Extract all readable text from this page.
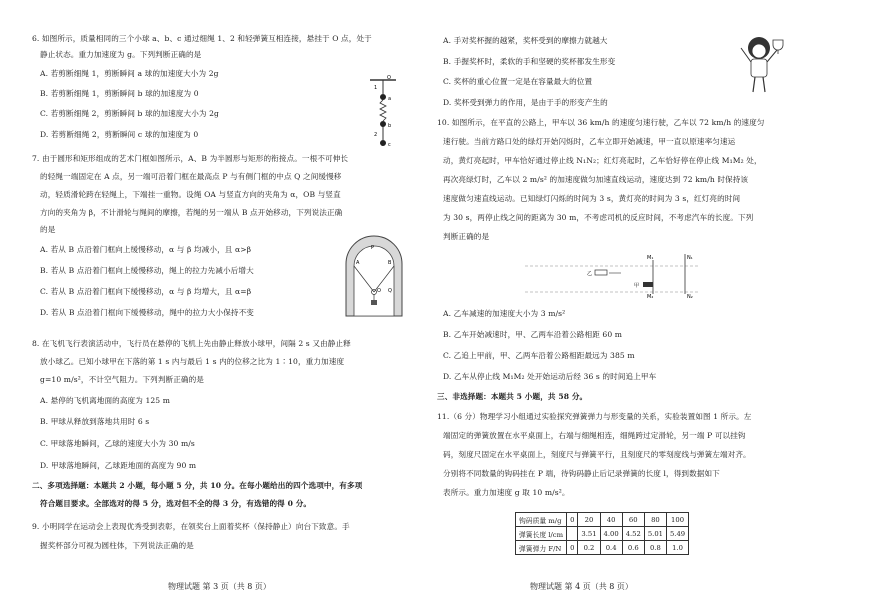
6. 如图所示，质量相同的三个小球 a、b、c 通过细绳 1、2 和轻弹簧互相连接，悬挂于 O 点，处于
静止状态。重力加速度为 g。下列判断正确的是
A. 若剪断细绳 1，剪断瞬间 a 球的加速度大小为 2g
B. 若剪断细绳 1，剪断瞬间 b 球的加速度为 0
C. 若剪断细绳 2，剪断瞬间 b 球的加速度大小为 2g
D. 若剪断细绳 2，剪断瞬间 c 球的加速度为 0
O
1
a
b
2
c
7. 由于圆形和矩形组成的艺术门框如图所示，A、B 为半圆形与矩形的衔接点。一根不可伸长
的轻绳一端固定在 A 点，另一端可沿着门框在最高点 P 与有侧门框的中点 Q 之间缓慢移
动，轻质滑轮跨在轻绳上，下端挂一重物。设绳 OA 与竖直方向的夹角为 α，OB 与竖直
方向的夹角为 β，不计滑轮与绳间的摩擦，若绳的另一端从 B 点开始移动，下列说法正确
的是
A. 若从 B 点沿着门框向上缓慢移动，α 与 β 均减小，且 α>β
B. 若从 B 点沿着门框向上缓慢移动，绳上的拉力先减小后增大
C. 若从 B 点沿着门框向下缓慢移动，α 与 β 均增大，且 α=β
D. 若从 B 点沿着门框向下缓慢移动，绳中的拉力大小保持不变
P
A
O
B
Q
8. 在飞机飞行表演活动中，飞行员在悬停的飞机上先由静止释放小球甲，间隔 2 s 又由静止释
放小球乙。已知小球甲在下落的第 1 s 内与最后 1 s 内的位移之比为 1∶10，重力加速度
g=10 m/s²，不计空气阻力。下列判断正确的是
A. 悬停的飞机离地面的高度为 125 m
B. 甲球从释放到落地共用时 6 s
C. 甲球落地瞬间，乙球的速度大小为 30 m/s
D. 甲球落地瞬间，乙球距地面的高度为 90 m
二、多项选择题：本题共 2 小题，每小题 5 分，共 10 分。在每小题给出的四个选项中，有多项
符合题目要求。全部选对的得 5 分，选对但不全的得 3 分，有选错的得 0 分。
9. 小明同学在运动会上表现优秀受到表彰，在领奖台上面着奖杯（保持静止）向台下致意。手
握奖杯部分可视为圆柱体，下列说法正确的是
物理试题 第 3 页（共 8 页）
A. 手对奖杯握的越紧，奖杯受到的摩擦力就越大
B. 手握奖杯时，柔软的手和坚硬的奖杯都发生形变
C. 奖杯的重心位置一定是在容量最大的位置
D. 奖杯受到弹力的作用，是由于手的形变产生的
10. 如图所示，在平直的公路上，甲车以 36 km/h 的速度匀速行驶，乙车以 72 km/h 的速度匀
速行驶。当前方路口处的绿灯开始闪烁时，乙车立即开始减速，甲一直以原速率匀速运
动，黄灯亮起时，甲车恰好通过停止线 N₁N₂；红灯亮起时，乙车恰好停在停止线 M₁M₂ 处，
再次亮绿灯时，乙车以 2 m/s² 的加速度做匀加速直线运动，速度达到 72 km/h 时保持该
速度做匀速直线运动。已知绿灯闪烁的时间为 3 s，黄灯亮的时间为 3 s，红灯亮的时间
为 30 s，两停止线之间的距离为 30 m，不考虑司机的反应时间，不考虑汽车的长度。下列
判断正确的是
M₁	N₁
乙
甲
M₂	N₂
A. 乙车减速的加速度大小为 3 m/s²
B. 乙车开始减速时，甲、乙两车沿着公路相距 60 m
C. 乙追上甲前，甲、乙两车沿着公路相距最远为 385 m
D. 乙车从停止线 M₁M₂ 处开始运动后经 36 s 的时间追上甲车
三、非选择题：本题共 5 小题，共 58 分。
11.（6 分）物理学习小组通过实验探究弹簧弹力与形变量的关系，实验装置如图 1 所示。左
端固定的弹簧放置在水平桌面上，右端与细绳相连，细绳跨过定滑轮，另一端 P 可以挂钩
码，刻度尺固定在水平桌面上，刻度尺与弹簧平行，且刻度尺的零刻度线与弹簧左端对齐。
分别将不同数量的钩码挂在 P 端，待钩码静止后记录弹簧的长度 l，得到数据如下
表所示。重力加速度 g 取 10 m/s²。
钩码质量 m/g	0	20	40	60	80	100
弹簧长度 l/cm		3.51	4.00	4.52	5.01	5.49
弹簧弹力 F/N	0	0.2	0.4	0.6	0.8	1.0
物理试题 第 4 页（共 8 页）
